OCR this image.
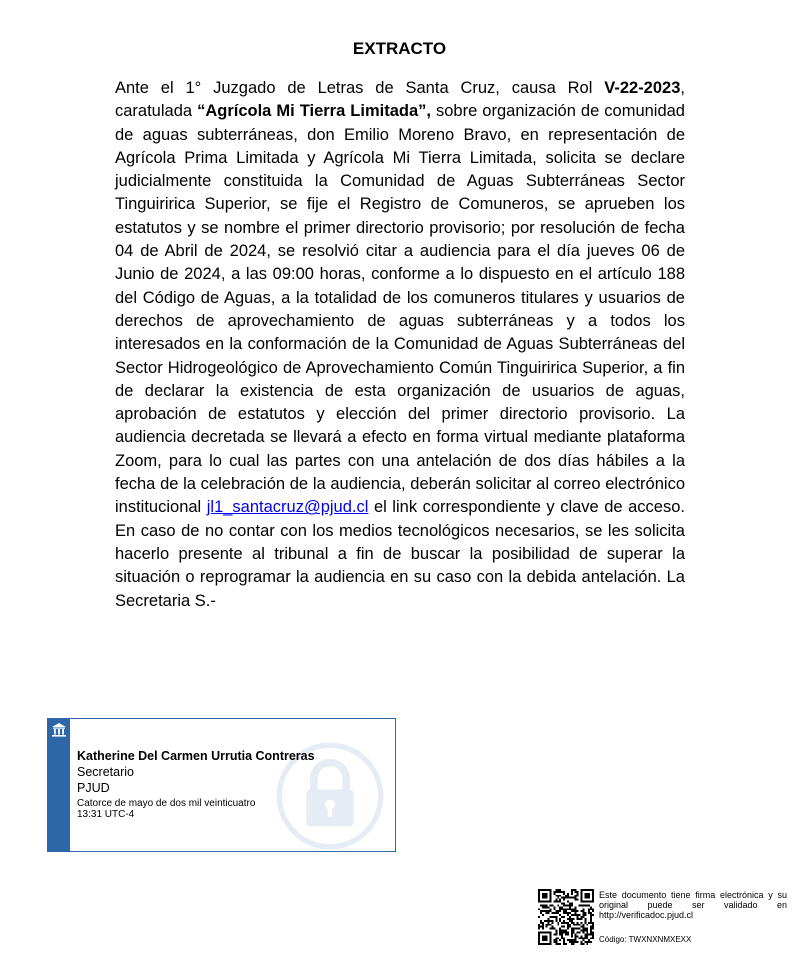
EXTRACTO
Ante el 1° Juzgado de Letras de Santa Cruz, causa Rol V-22-2023, caratulada “Agrícola Mi Tierra Limitada”, sobre organización de comunidad de aguas subterráneas, don Emilio Moreno Bravo, en representación de Agrícola Prima Limitada y Agrícola Mi Tierra Limitada, solicita se declare judicialmente constituida la Comunidad de Aguas Subterráneas Sector Tinguiririca Superior, se fije el Registro de Comuneros, se aprueben los estatutos y se nombre el primer directorio provisorio; por resolución de fecha 04 de Abril de 2024, se resolvió citar a audiencia para el día jueves 06 de Junio de 2024, a las 09:00 horas, conforme a lo dispuesto en el artículo 188 del Código de Aguas, a la totalidad de los comuneros titulares y usuarios de derechos de aprovechamiento de aguas subterráneas y a todos los interesados en la conformación de la Comunidad de Aguas Subterráneas del Sector Hidrogeológico de Aprovechamiento Común Tinguiririca Superior, a fin de declarar la existencia de esta organización de usuarios de aguas, aprobación de estatutos y elección del primer directorio provisorio. La audiencia decretada se llevará a efecto en forma virtual mediante plataforma Zoom, para lo cual las partes con una antelación de dos días hábiles a la fecha de la celebración de la audiencia, deberán solicitar al correo electrónico institucional jl1_santacruz@pjud.cl el link correspondiente y clave de acceso. En caso de no contar con los medios tecnológicos necesarios, se les solicita hacerlo presente al tribunal a fin de buscar la posibilidad de superar la situación o reprogramar la audiencia en su caso con la debida antelación. La Secretaria S.-
Katherine Del Carmen Urrutia Contreras
Secretario
PJUD
Catorce de mayo de dos mil veinticuatro
13:31 UTC-4
Este documento tiene firma electrónica y su original puede ser validado en http://verificadoc.pjud.cl
Código: TWXNXNMXEXX
